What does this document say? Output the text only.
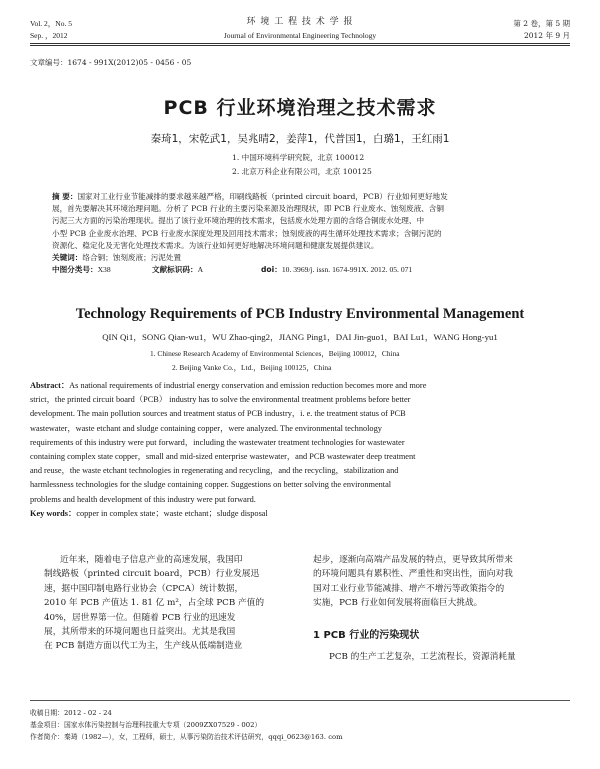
Vol. 2，No. 5
Sep. ，2012
环 境 工 程 技 术 学 报
Journal of Environmental Engineering Technology
第 2 卷，第 5 期
2012 年 9 月
文章编号：1674 - 991X(2012)05 - 0456 - 05
PCB 行业环境治理之技术需求
秦琦1，宋乾武1，吴兆晴2，姜萍1，代普国1，白璐1，王红雨1
1. 中国环境科学研究院，北京 100012
2. 北京万科企业有限公司，北京 100125
摘 要：国家对工业行业节能减排的要求越来越严格，印刷线路板（printed circuit board，PCB）行业如何更好地发
展，首先要解决其环境治理问题。分析了 PCB 行业的主要污染来源及治理现状，即 PCB 行业废水、蚀刻废液、含铜
污泥三大方面的污染治理现状。提出了该行业环境治理的技术需求，包括废水处理方面的含络合铜废水处理、中
小型 PCB 企业废水治理、PCB 行业废水深度处理及回用技术需求；蚀刻废液的再生循环处理技术需求；含铜污泥的
资源化、稳定化及无害化处理技术需求。为该行业如何更好地解决环境问题和健康发展提供建议。
关键词：络合铜；蚀刻废液；污泥处置
中图分类号：X38	文献标识码：A	doi：10. 3969/j. issn. 1674-991X. 2012. 05. 071
Technology Requirements of PCB Industry Environmental Management
QIN Qi1，SONG Qian-wu1，WU Zhao-qing2，JIANG Ping1，DAI Jin-guo1，BAI Lu1，WANG Hong-yu1
1. Chinese Research Academy of Environmental Sciences，Beijing 100012，China
2. Beijing Vanke Co.，Ltd.，Beijing 100125，China
Abstract：As national requirements of industrial energy conservation and emission reduction becomes more and more
strict，the printed circuit board（PCB） industry has to solve the environmental treatment problems before better
development. The main pollution sources and treatment status of PCB industry，i. e. the treatment status of PCB
wastewater，waste etchant and sludge containing copper，were analyzed. The environmental technology
requirements of this industry were put forward，including the wastewater treatment technologies for wastewater
containing complex state copper，small and mid-sized enterprise wastewater，and PCB wastewater deep treatment
and reuse，the waste etchant technologies in regenerating and recycling，and the recycling，stabilization and
harmlessness technologies for the sludge containing copper. Suggestions on better solving the environmental
problems and health development of this industry were put forward.
Key words：copper in complex state；waste etchant；sludge disposal
近年来，随着电子信息产业的高速发展，我国印
制线路板（printed circuit board，PCB）行业发展迅
速，据中国印制电路行业协会（CPCA）统计数据，
2010 年 PCB 产值达 1. 81 亿 m²，占全球 PCB 产值的
40%，居世界第一位。但随着 PCB 行业的迅速发
展，其所带来的环境问题也日益突出。尤其是我国
在 PCB 制造方面以代工为主，生产线从低端制造业
起步，逐渐向高端产品发展的特点，更导致其所带来
的环境问题具有累积性、严重性和突出性，面向对我
国对工业行业节能减排、增产不增污等政策指令的
实施，PCB 行业如何发展将面临巨大挑战。
1 PCB 行业的污染现状
PCB 的生产工艺复杂，工艺流程长，资源消耗量
收稿日期：2012 - 02 - 24
基金项目：国家水体污染控制与治理科技重大专项（2009ZX07529 - 002）
作者简介：秦琦（1982—），女，工程师，硕士，从事污染防治技术评估研究，qqqi_0623@163. com
